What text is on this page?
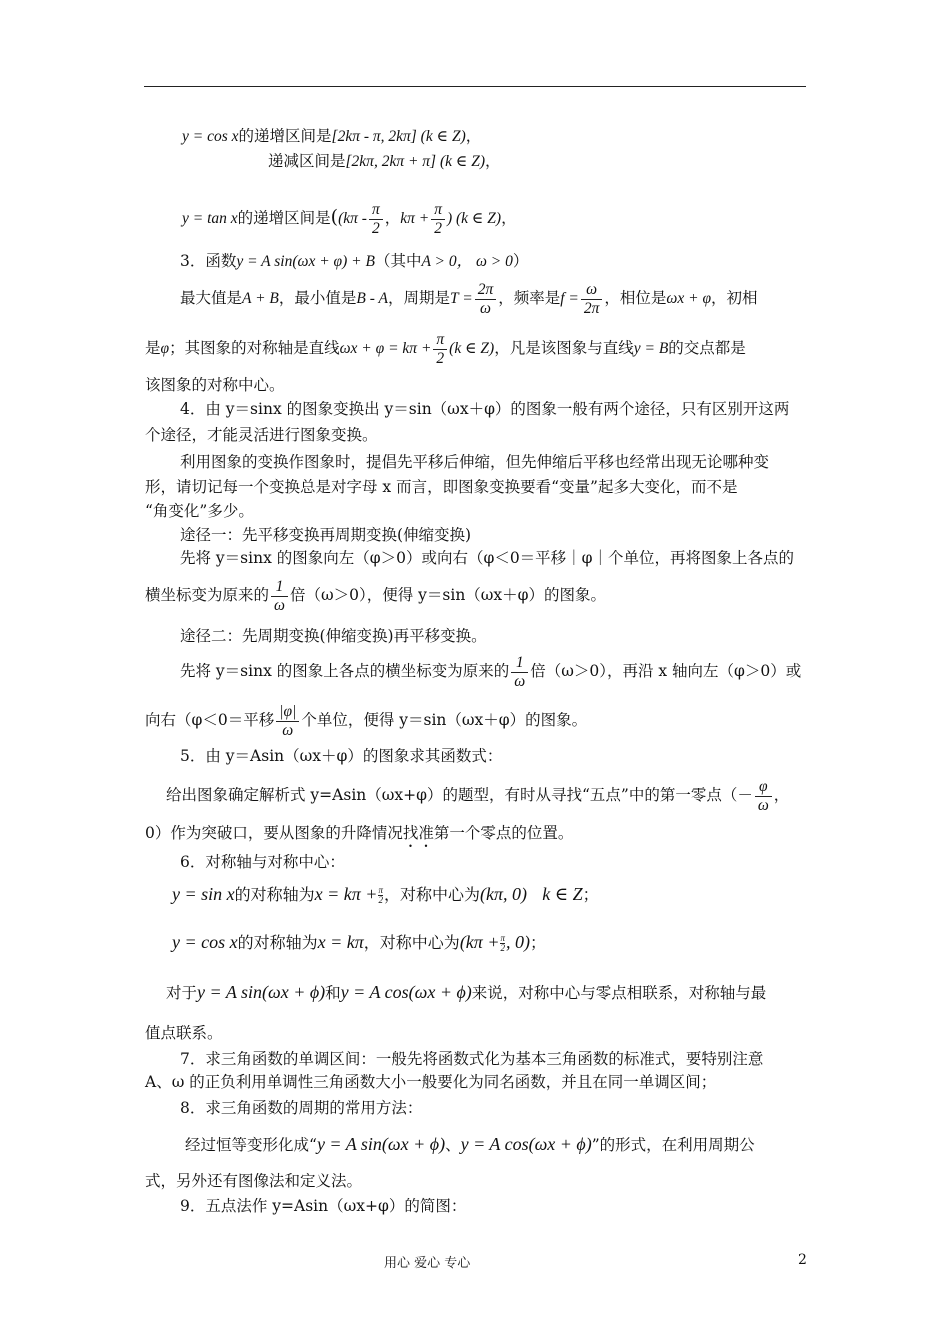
y = cos x的递增区间是[2kπ - π, 2kπ] (k ∈ Z)，
递减区间是[2kπ, 2kπ + π] (k ∈ Z)，
y = tan x的递增区间是(($k\pi - \frac{\pi}{2}$ ，$k\pi + \frac{\pi}{2}$ ) (k ∈ Z)，
3．函数y = A sin(ωx + φ) + B（其中A > 0， ω > 0）
最大值是A + B，最小值是B - A，周期是$T = \frac{2\pi}{\omega}$ ，频率是$f = \frac{\omega}{2\pi}$ ，相位是ωx + φ，初相
是φ；其图象的对称轴是直线$\omega x + \varphi = k\pi + \frac{\pi}{2} (k$ ∈ Z)，凡是该图象与直线y = B的交点都是
该图象的对称中心。
4．由 y＝sinx 的图象变换出 y＝sin（ωx＋φ）的图象一般有两个途径，只有区别开这两
个途径，才能灵活进行图象变换。
利用图象的变换作图象时，提倡先平移后伸缩，但先伸缩后平移也经常出现无论哪种变
形，请切记每一个变换总是对字母 x 而言，即图象变换要看“变量”起多大变化，而不是
“角变化”多少。
途径一：先平移变换再周期变换(伸缩变换)
先将 y＝sinx 的图象向左（φ＞0）或向右（φ＜0＝平移｜φ｜个单位，再将图象上各点的
横坐标变为原来的 $\frac{1}{\omega}$ 倍（ω＞0），便得 y＝sin（ωx＋φ）的图象。
途径二：先周期变换(伸缩变换)再平移变换。
先将 y＝sinx 的图象上各点的横坐标变为原来的 $\frac{1}{\omega}$ 倍（ω＞0），再沿 x 轴向左（φ＞0）或
向右（φ＜0＝平移 $\frac{|\varphi|}{\omega}$ 个单位，便得 y＝sin（ωx＋φ）的图象。
5．由 y＝Asin（ωx＋φ）的图象求其函数式：
给出图象确定解析式 y=Asin（ωx+φ）的题型，有时从寻找“五点”中的第一零点（－ $\frac{\varphi}{\omega}$ ，
0）作为突破口，要从图象的升降情况找准第一个零点的位置。
6．对称轴与对称中心：
y = sin x的对称轴为$x = k\pi + \frac{\pi}{2}$，对称中心为(kπ, 0) k ∈ Z；
y = cos x的对称轴为x = kπ，对称中心为($k\pi + \frac{\pi}{2}$, 0)；
对于y = A sin(ωx + ϕ)和y = A cos(ωx + ϕ)来说，对称中心与零点相联系，对称轴与最
值点联系。
7．求三角函数的单调区间：一般先将函数式化为基本三角函数的标准式，要特别注意
A、ω 的正负利用单调性三角函数大小一般要化为同名函数，并且在同一单调区间；
8．求三角函数的周期的常用方法：
经过恒等变形化成“y = A sin(ωx + ϕ)、y = A cos(ωx + ϕ)”的形式，在利用周期公
式，另外还有图像法和定义法。
9．五点法作 y=Asin（ωx+φ）的简图：
用心 爱心 专心	2
